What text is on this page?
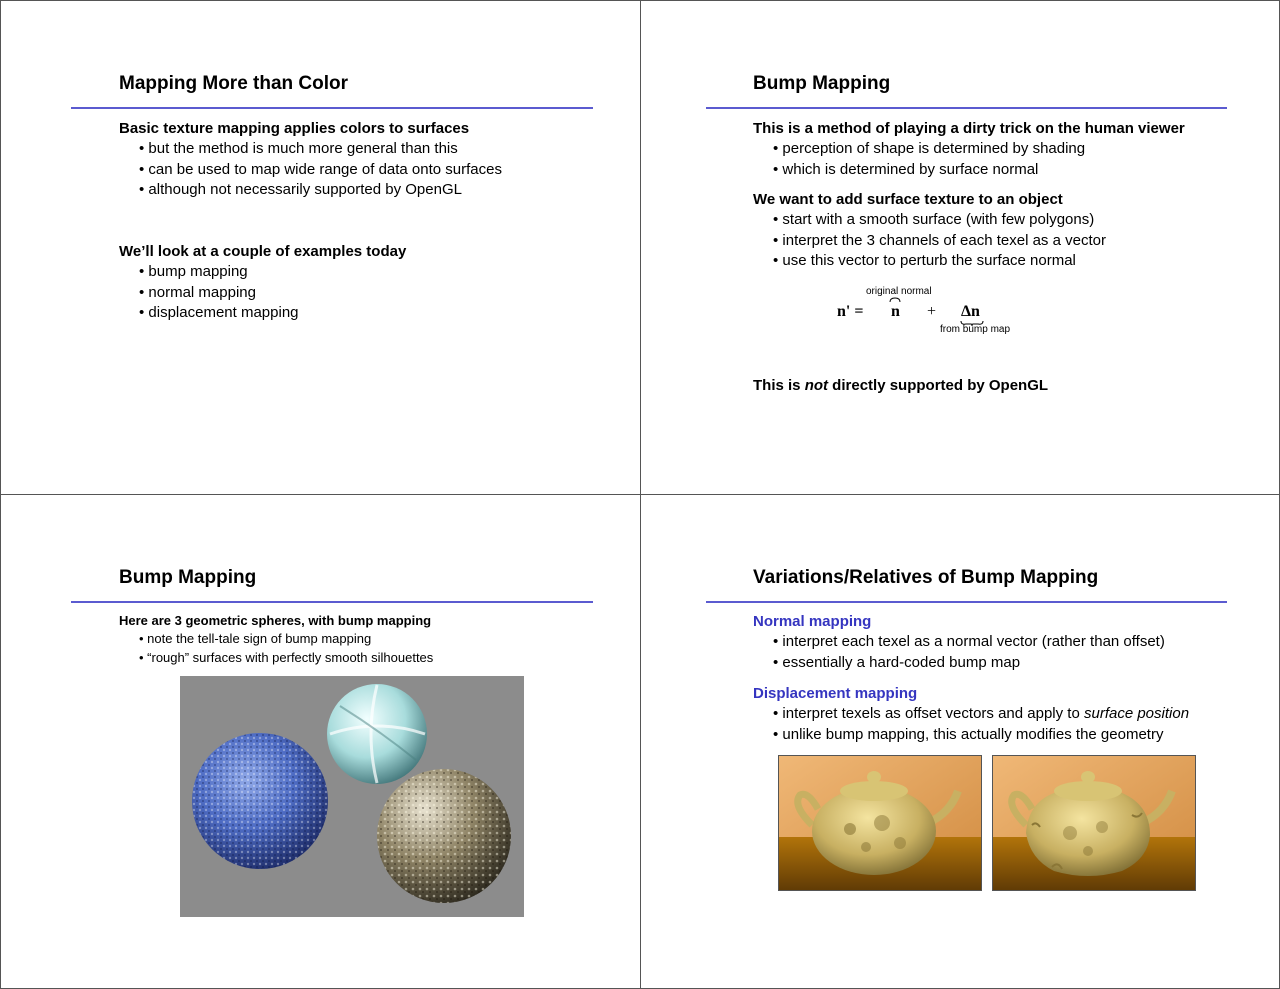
Mapping More than Color
Basic texture mapping applies colors to surfaces
• but the method is much more general than this
• can be used to map wide range of data onto surfaces
• although not necessarily supported by OpenGL
We’ll look at a couple of examples today
• bump mapping
• normal mapping
• displacement mapping
Bump Mapping
This is a method of playing a dirty trick on the human viewer
• perception of shape is determined by shading
• which is determined by surface normal
We want to add surface texture to an object
• start with a smooth surface (with few polygons)
• interpret the 3 channels of each texel as a vector
• use this vector to perturb the surface normal
original normal
n' = n + Δn
from bump map
This is not directly supported by OpenGL
Bump Mapping
Here are 3 geometric spheres, with bump mapping
• note the tell-tale sign of bump mapping
• “rough” surfaces with perfectly smooth silhouettes
Variations/Relatives of Bump Mapping
Normal mapping
• interpret each texel as a normal vector (rather than offset)
• essentially a hard-coded bump map
Displacement mapping
• interpret texels as offset vectors and apply to surface position
• unlike bump mapping, this actually modifies the geometry
